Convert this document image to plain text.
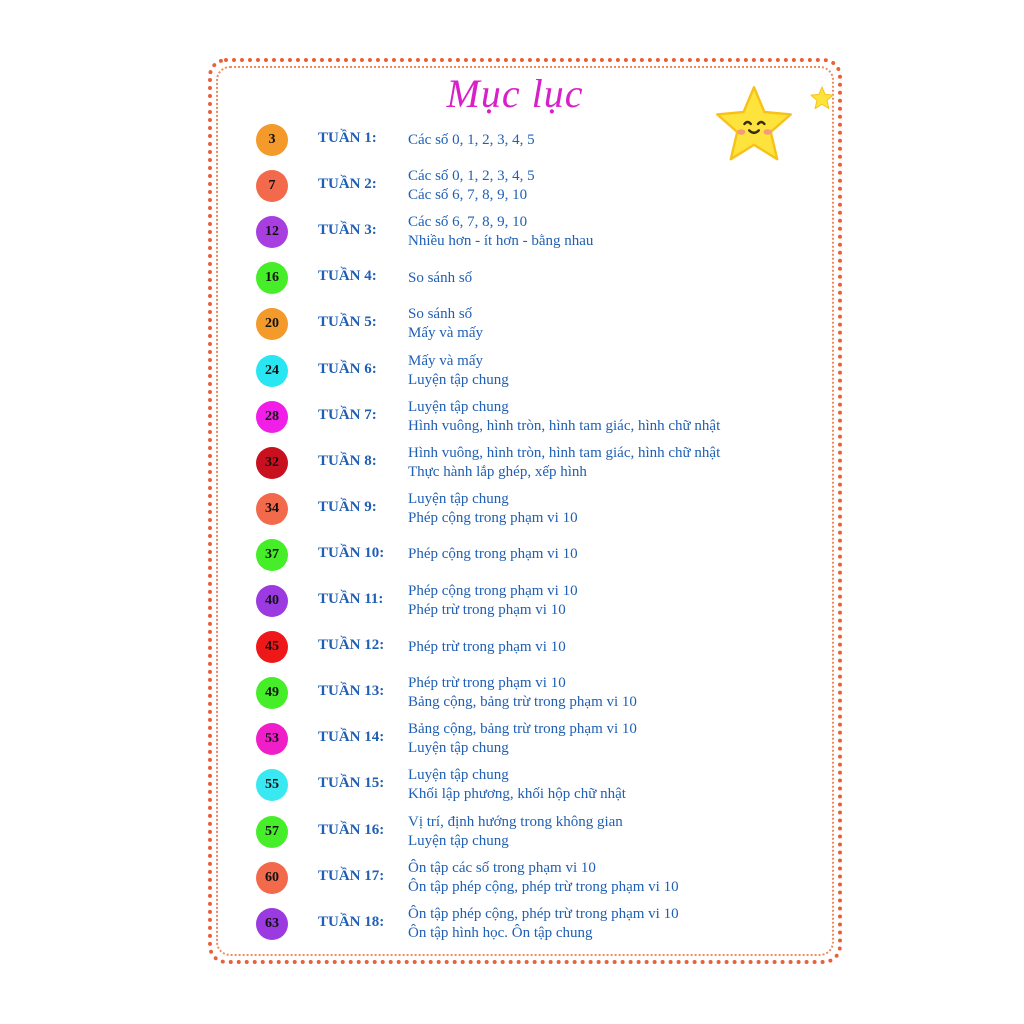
Mục lục
3	TUẦN 1: Các số 0, 1, 2, 3, 4, 5
7	TUẦN 2: Các số 0, 1, 2, 3, 4, 5
Các số 6, 7, 8, 9, 10
12	TUẦN 3: Các số 6, 7, 8, 9, 10
Nhiều hơn - ít hơn - bằng nhau
16	TUẦN 4: So sánh số
20	TUẦN 5: So sánh số
Mấy và mấy
24	TUẦN 6: Mấy và mấy
Luyện tập chung
28	TUẦN 7: Luyện tập chung
Hình vuông, hình tròn, hình tam giác, hình chữ nhật
32	TUẦN 8: Hình vuông, hình tròn, hình tam giác, hình chữ nhật
Thực hành lắp ghép, xếp hình
34	TUẦN 9: Luyện tập chung
Phép cộng trong phạm vi 10
37	TUẦN 10: Phép cộng trong phạm vi 10
40	TUẦN 11: Phép cộng trong phạm vi 10
Phép trừ trong phạm vi 10
45	TUẦN 12: Phép trừ trong phạm vi 10
49	TUẦN 13: Phép trừ trong phạm vi 10
Bảng cộng, bảng trừ trong phạm vi 10
53	TUẦN 14: Bảng cộng, bảng trừ trong phạm vi 10
Luyện tập chung
55	TUẦN 15: Luyện tập chung
Khối lập phương, khối hộp chữ nhật
57	TUẦN 16: Vị trí, định hướng trong không gian
Luyện tập chung
60	TUẦN 17: Ôn tập các số trong phạm vi 10
Ôn tập phép cộng, phép trừ trong phạm vi 10
63	TUẦN 18: Ôn tập phép cộng, phép trừ trong phạm vi 10
Ôn tập hình học. Ôn tập chung
